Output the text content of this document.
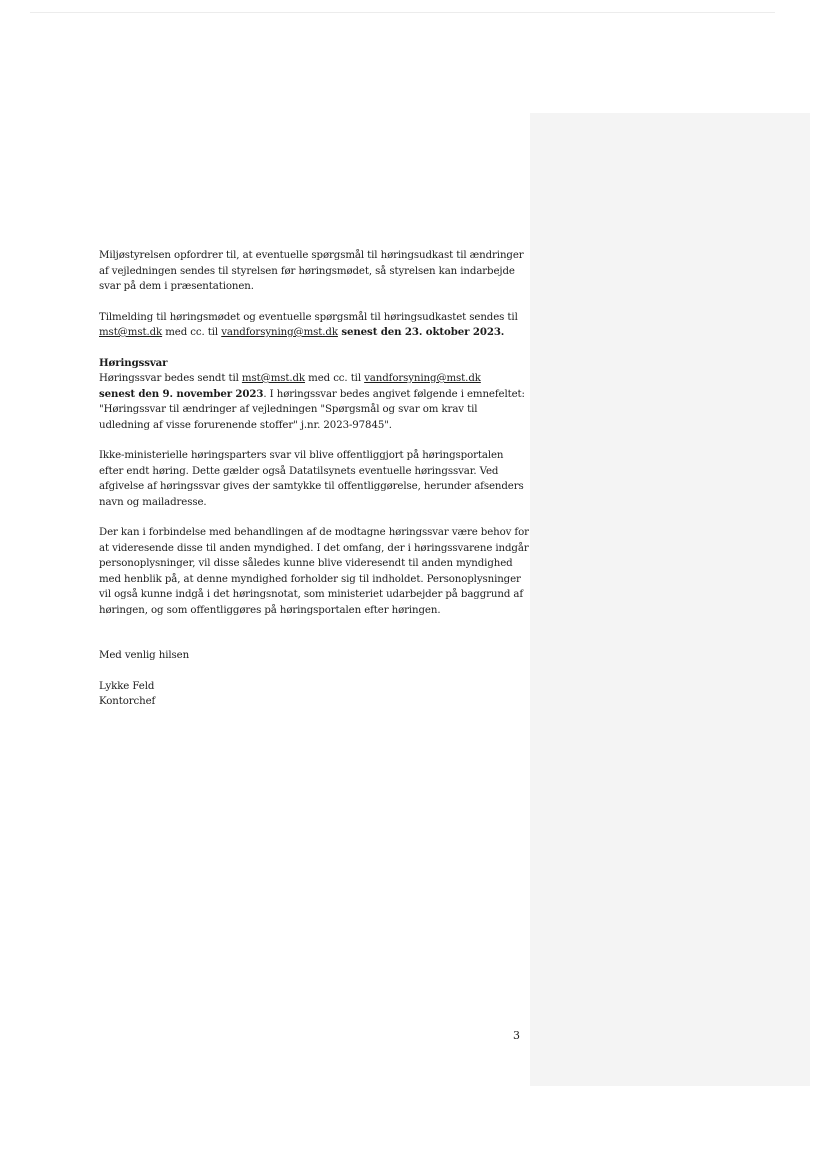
Miljøstyrelsen opfordrer til, at eventuelle spørgsmål til høringsudkast til ændringer af vejledningen sendes til styrelsen før høringsmødet, så styrelsen kan indarbejde svar på dem i præsentationen.

Tilmelding til høringsmødet og eventuelle spørgsmål til høringsudkastet sendes til mst@mst.dk med cc. til vandforsyning@mst.dk senest den 23. oktober 2023.

Høringssvar
Høringssvar bedes sendt til mst@mst.dk med cc. til vandforsyning@mst.dk
senest den 9. november 2023. I høringssvar bedes angivet følgende i emnefeltet: "Høringssvar til ændringer af vejledningen "Spørgsmål og svar om krav til udledning af visse forurenende stoffer" j.nr. 2023-97845".

Ikke-ministerielle høringsparters svar vil blive offentliggjort på høringsportalen efter endt høring. Dette gælder også Datatilsynets eventuelle høringssvar. Ved afgivelse af høringssvar gives der samtykke til offentliggørelse, herunder afsenders navn og mailadresse.

Der kan i forbindelse med behandlingen af de modtagne høringssvar være behov for at videresende disse til anden myndighed. I det omfang, der i høringssvarene indgår personoplysninger, vil disse således kunne blive videresendt til anden myndighed med henblik på, at denne myndighed forholder sig til indholdet. Personoplysninger vil også kunne indgå i det høringsnotat, som ministeriet udarbejder på baggrund af høringen, og som offentliggøres på høringsportalen efter høringen.

Med venlig hilsen

Lykke Feld
Kontorchef
3
